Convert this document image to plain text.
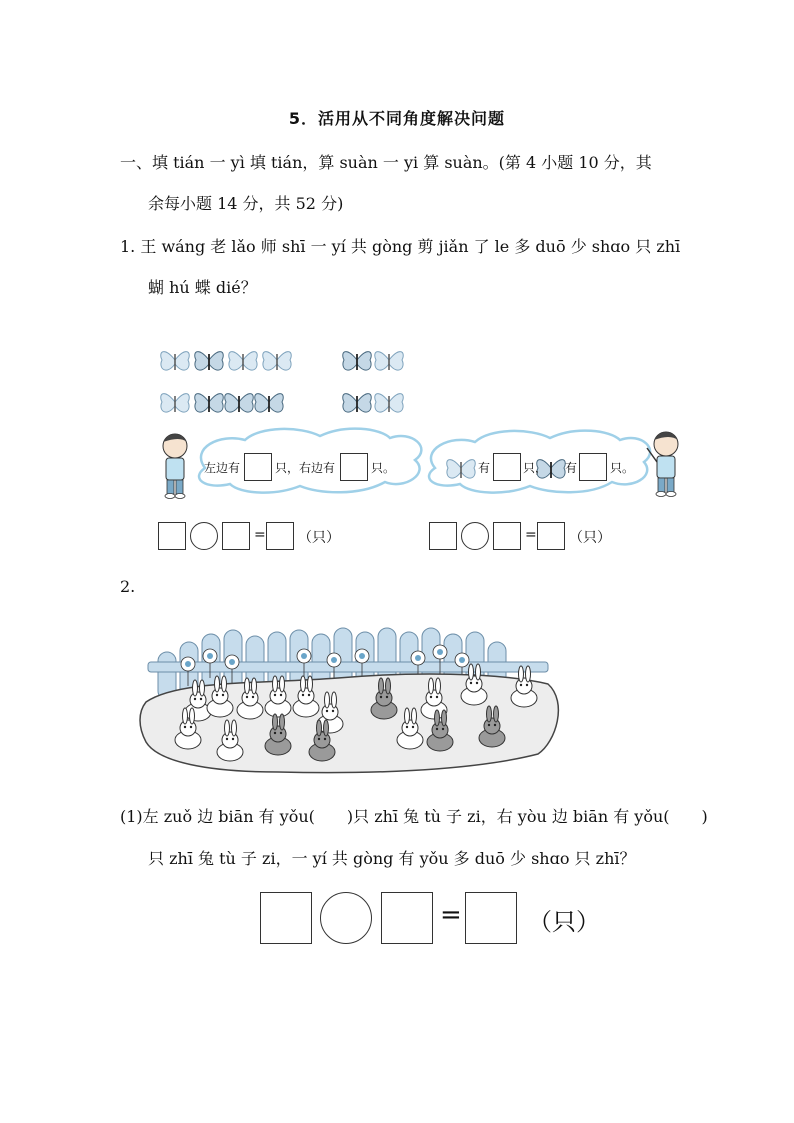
5．活用从不同角度解决问题
一、填 tián 一 yì 填 tián，算 suàn 一 yi 算 suàn。(第 4 小题 10 分，其
余每小题 14 分，共 52 分)
1. 王 wáng 老 lǎo 师 shī 一 yí 共 gòng 剪 jiǎn 了 le 多 duō 少 shɑo 只 zhī
蝴 hú 蝶 dié？
左边有	只，右边有	只。	有	只， 有	只。
= （只）	= （只）
2.
(1)左 zuǒ 边 biān 有 yǒu(　　)只 zhī 兔 tù 子 zi，右 yòu 边 biān 有 yǒu(　　)
只 zhī 兔 tù 子 zi，一 yí 共 gòng 有 yǒu 多 duō 少 shɑo 只 zhī？
=	（只）
